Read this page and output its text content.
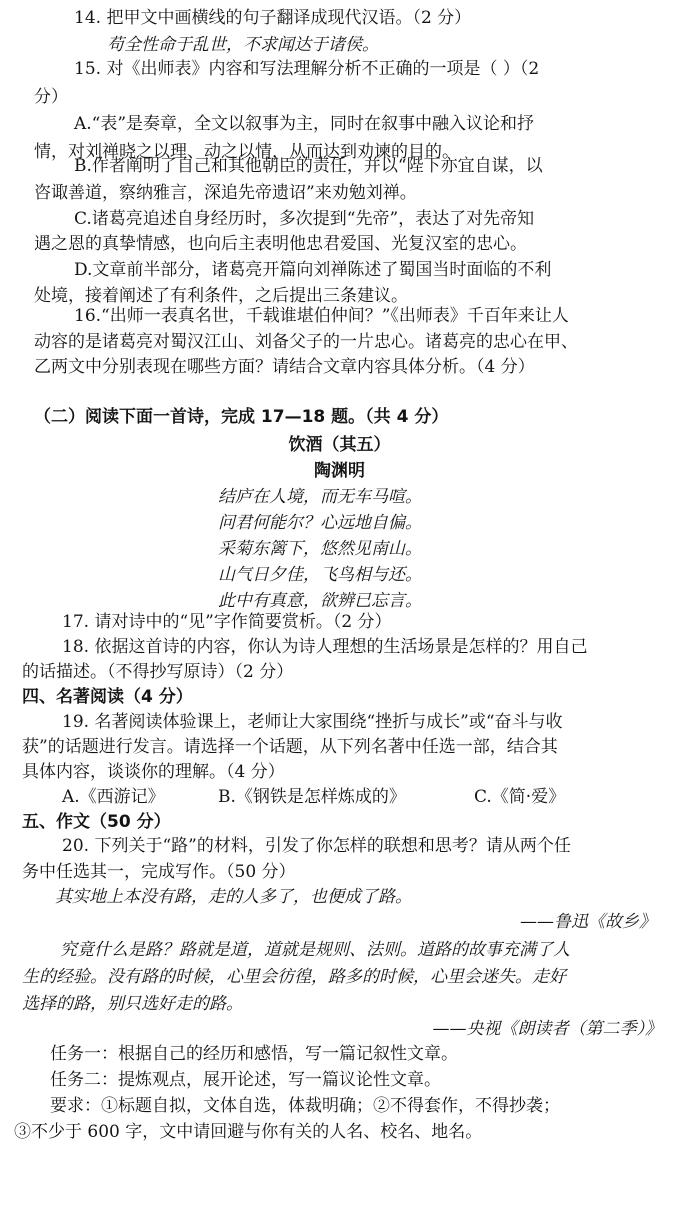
14. 把甲文中画横线的句子翻译成现代汉语。（2 分）
苟全性命于乱世，不求闻达于诸侯。
15. 对《出师表》内容和写法理解分析不正确的一项是（ ）（2
分）
A.“表”是奏章，全文以叙事为主，同时在叙事中融入议论和抒
情，对刘禅晓之以理、动之以情，从而达到劝谏的目的。
B.作者阐明了自己和其他朝臣的责任，并以“陛下亦宜自谋，以
咨诹善道，察纳雅言，深追先帝遗诏”来劝勉刘禅。
C.诸葛亮追述自身经历时，多次提到“先帝”，表达了对先帝知
遇之恩的真挚情感，也向后主表明他忠君爱国、光复汉室的忠心。
D.文章前半部分，诸葛亮开篇向刘禅陈述了蜀国当时面临的不利
处境，接着阐述了有利条件，之后提出三条建议。
16.“出师一表真名世，千载谁堪伯仲间？”《出师表》千百年来让人
动容的是诸葛亮对蜀汉江山、刘备父子的一片忠心。诸葛亮的忠心在甲、
乙两文中分别表现在哪些方面？请结合文章内容具体分析。（4 分）
（二）阅读下面一首诗，完成 17—18 题。（共 4 分）
饮酒（其五）
陶渊明
结庐在人境，而无车马喧。
问君何能尔？心远地自偏。
采菊东篱下，悠然见南山。
山气日夕佳，飞鸟相与还。
此中有真意，欲辨已忘言。
17. 请对诗中的“见”字作简要赏析。（2 分）
18. 依据这首诗的内容，你认为诗人理想的生活场景是怎样的？用自己
的话描述。（不得抄写原诗）（2 分）
四、名著阅读（4 分）
19. 名著阅读体验课上，老师让大家围绕“挫折与成长”或“奋斗与收
获”的话题进行发言。请选择一个话题，从下列名著中任选一部，结合其
具体内容，谈谈你的理解。（4 分）
A.《西游记》	B.《钢铁是怎样炼成的》	C.《简·爱》
五、作文（50 分）
20. 下列关于“路”的材料，引发了你怎样的联想和思考？请从两个任
务中任选其一，完成写作。（50 分）
其实地上本没有路，走的人多了，也便成了路。
——鲁迅《故乡》
究竟什么是路？路就是道，道就是规则、法则。道路的故事充满了人
生的经验。没有路的时候，心里会彷徨，路多的时候，心里会迷失。走好
选择的路，别只选好走的路。
——央视《朗读者（第二季）》
任务一：根据自己的经历和感悟，写一篇记叙性文章。
任务二：提炼观点，展开论述，写一篇议论性文章。
要求：①标题自拟，文体自选，体裁明确；②不得套作，不得抄袭；
③不少于 600 字，文中请回避与你有关的人名、校名、地名。
